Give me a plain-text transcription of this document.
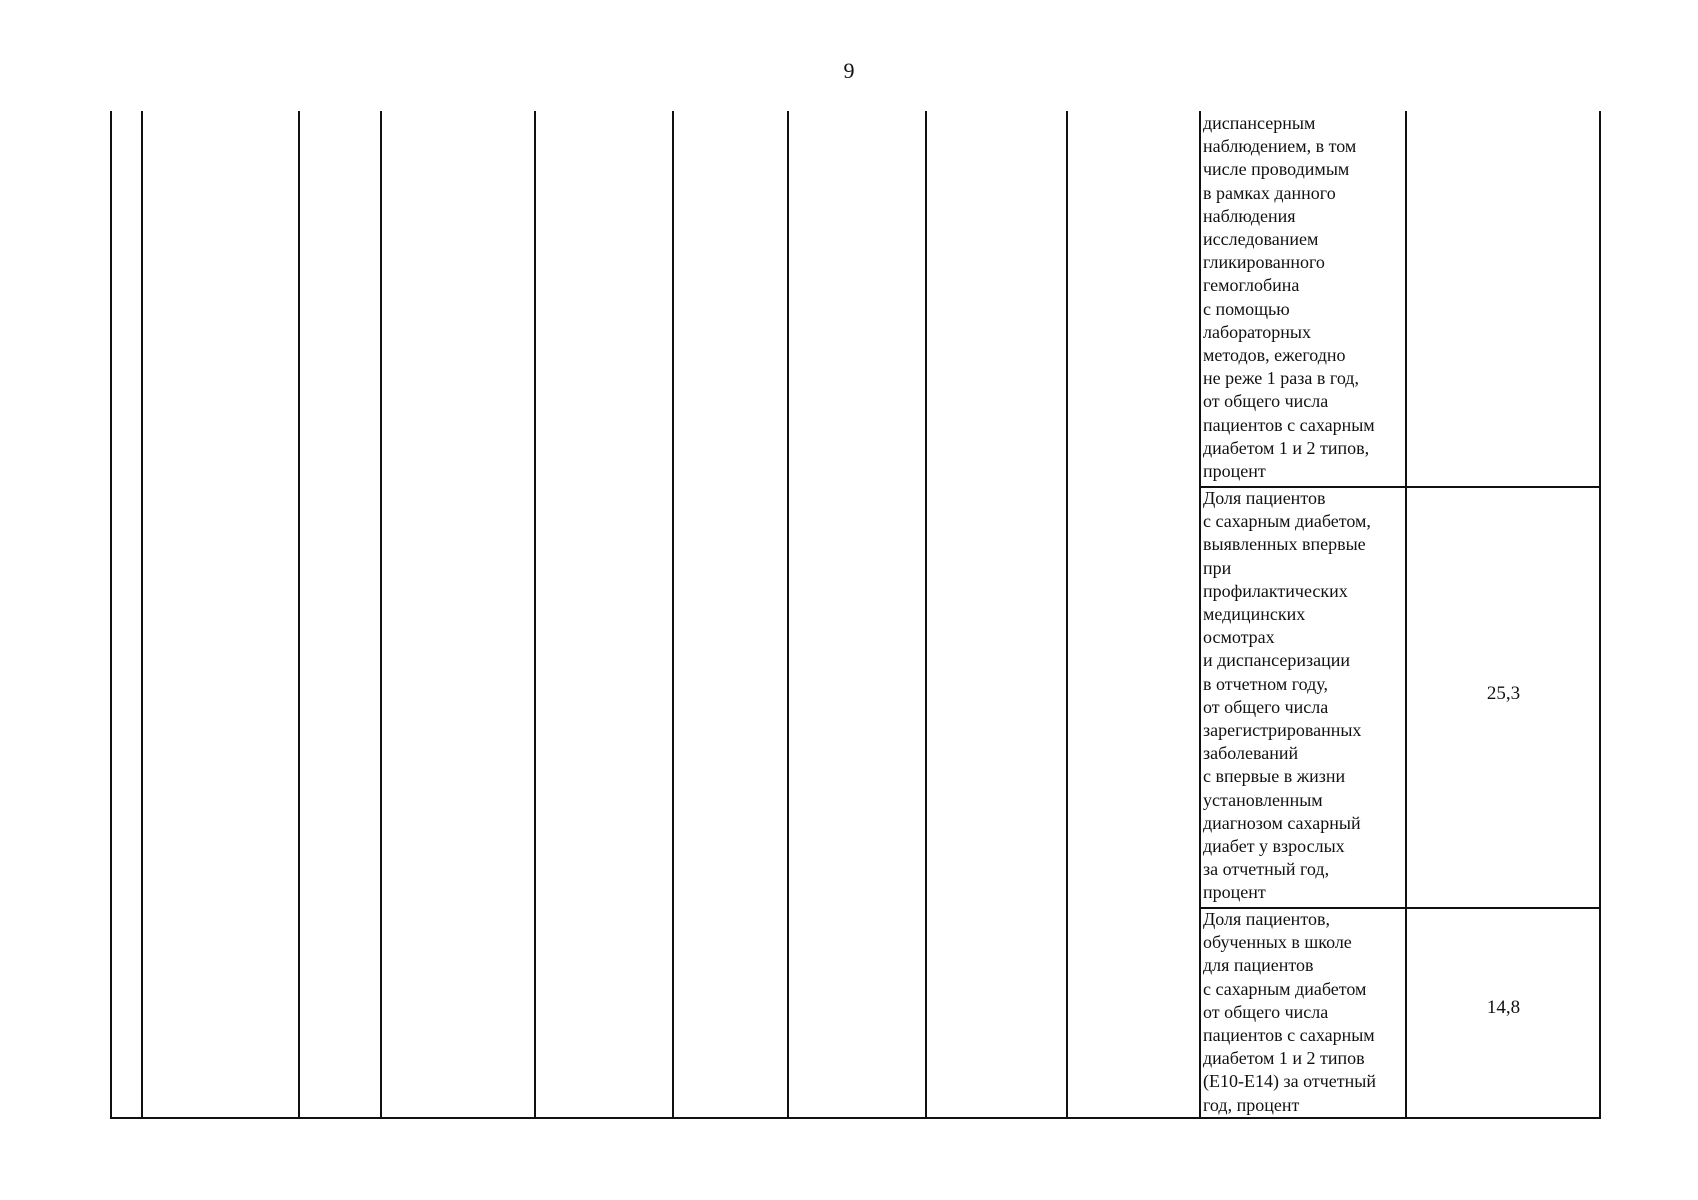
9
диспансерным
наблюдением, в том
числе проводимым
в рамках данного
наблюдения
исследованием
гликированного
гемоглобина
с помощью
лабораторных
методов, ежегодно
не реже 1 раза в год,
от общего числа
пациентов с сахарным
диабетом 1 и 2 типов,
процент
Доля пациентов
с сахарным диабетом,
выявленных впервые
при
профилактических
медицинских
осмотрах
и диспансеризации
в отчетном году,
от общего числа
зарегистрированных
заболеваний
с впервые в жизни
установленным
диагнозом сахарный
диабет у взрослых
за отчетный год,
процент
25,3
Доля пациентов,
обученных в школе
для пациентов
с сахарным диабетом
от общего числа
пациентов с сахарным
диабетом 1 и 2 типов
(Е10-Е14) за отчетный
год, процент
14,8
